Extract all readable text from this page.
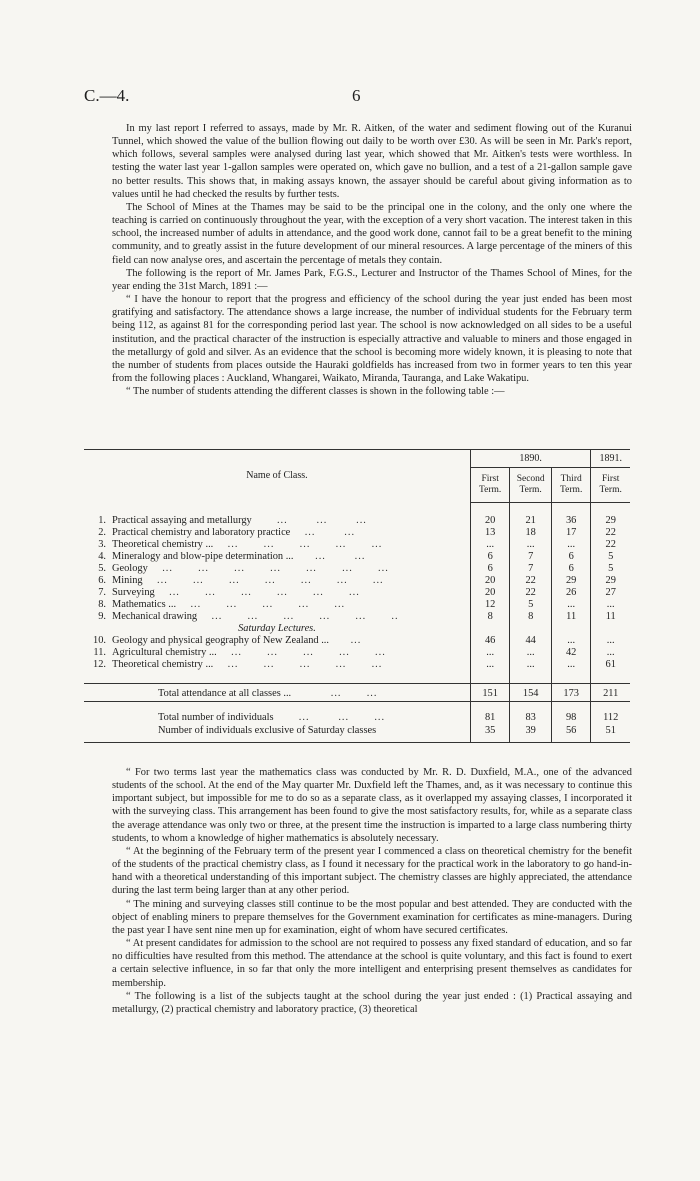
C.—4.	6

In my last report I referred to assays, made by Mr. R. Aitken, of the water and sediment flowing out of the Kuranui Tunnel, which showed the value of the bullion flowing out daily to be worth over £30. As will be seen in Mr. Park's report, which follows, several samples were analysed during last year, which showed that Mr. Aitken's tests were worthless. In testing the water last year 1-gallon samples were operated on, which gave no bullion, and a test of a 21-gallon sample gave no better results. This shows that, in making assays known, the assayer should be careful about giving information as to values until he had checked the results by further tests.

The School of Mines at the Thames may be said to be the principal one in the colony, and the only one where the teaching is carried on continuously throughout the year, with the exception of a very short vacation. The interest taken in this school, the increased number of adults in attendance, and the good work done, cannot fail to be a great benefit to the mining community, and to greatly assist in the future development of our mineral resources. A large percentage of the miners of this field can now analyse ores, and ascertain the percentage of metals they contain.

The following is the report of Mr. James Park, F.G.S., Lecturer and Instructor of the Thames School of Mines, for the year ending the 31st March, 1891 :—

“ I have the honour to report that the progress and efficiency of the school during the year just ended has been most gratifying and satisfactory. The attendance shows a large increase, the number of individual students for the February term being 112, as against 81 for the corresponding period last year. The school is now acknowledged on all sides to be a useful institution, and the practical character of the instruction is especially attractive and valuable to miners and those engaged in the metallurgy of gold and silver. As an evidence that the school is becoming more widely known, it is pleasing to note that the number of students from places outside the Hauraki goldfields has increased from two in former years to ten this year from the following places : Auckland, Whangarei, Waikato, Miranda, Tauranga, and Lake Wakatipu.

“ The number of students attending the different classes is shown in the following table :—

Name of Class.	1890.			1891.
	First Term.	Second Term.	Third Term.	First Term.

1. Practical assaying and metallurgy ...        ...        ...	20	21	36	29

2. Practical chemistry and laboratory practice ...        ...	13	18	17	22

3. Theoretical chemistry ... ...       ...       ...       ...       ...	...	...	...	22

4. Mineralogy and blow-pipe determination ... ...        ...	6	7	6	5

5. Geology ...       ...       ...       ...       ...       ...       ...	6	7	6	5

6. Mining ...       ...       ...       ...       ...       ...       ...	20	22	29	29

7. Surveying ...       ...       ...       ...       ...       ...	20	22	26	27

8. Mathematics ... ...       ...       ...       ...       ...	12	5	...	...

9. Mechanical drawing ...       ...       ...       ...       ...       ..	8	8	11	11
Saturday Lectures.				

10. Geology and physical geography of New Zealand ... ...	46	44	...	...

11. Agricultural chemistry ... ...       ...       ...       ...       ...	...	...	42	...

12. Theoretical chemistry ... ...       ...       ...       ...       ...	...	...	...	61

Total attendance at all classes ... ...       ...	151	154	173	211

Total number of individuals ...        ...       ...	81	83	98	112
Number of individuals exclusive of Saturday classes	35	39	56	51

“ For two terms last year the mathematics class was conducted by Mr. R. D. Duxfield, M.A., one of the advanced students of the school. At the end of the May quarter Mr. Duxfield left the Thames, and, as it was necessary to continue this important subject, but impossible for me to do so as a separate class, as it overlapped my assaying classes, I incorporated it with the surveying class. This arrangement has been found to give the most satisfactory results, for, while as a separate class the average attendance was only two or three, at the present time the instruction is imparted to a large class numbering thirty students, to whom a knowledge of higher mathematics is absolutely necessary.

“ At the beginning of the February term of the present year I commenced a class on theoretical chemistry for the benefit of the students of the practical chemistry class, as I found it necessary for the practical work in the laboratory to go hand-in-hand with a theoretical understanding of this important subject. The chemistry classes are highly appreciated, the attendance during the last term being larger than at any other period.

“ The mining and surveying classes still continue to be the most popular and best attended. They are conducted with the object of enabling miners to prepare themselves for the Government examination for certificates as mine-managers. During the past year I have sent nine men up for examination, eight of whom have secured certificates.

“ At present candidates for admission to the school are not required to possess any fixed standard of education, and so far no difficulties have resulted from this method. The attendance at the school is quite voluntary, and this fact is found to exert a certain selective influence, in so far that only the more intelligent and enterprising present themselves as candidates for membership.

“ The following is a list of the subjects taught at the school during the year just ended : (1) Practical assaying and metallurgy, (2) practical chemistry and laboratory practice, (3) theoretical
